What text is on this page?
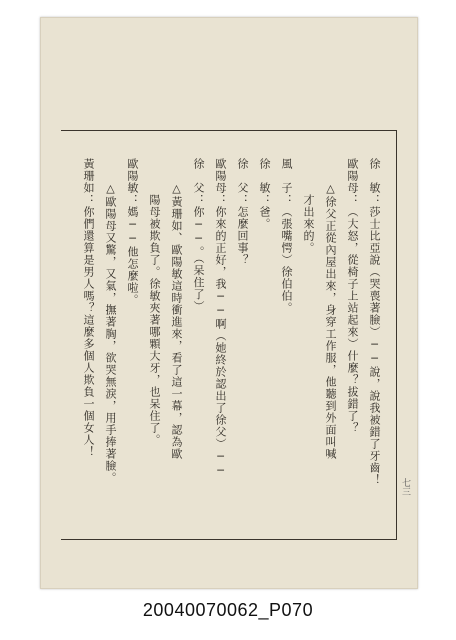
徐　敏：莎士比亞說（哭喪著臉）──說，說我被錯了牙齒！
歐陽母：（大怒，從椅子上站起來）什麼？拔錯了？
　　△徐父正從內屋出來，身穿工作服，他聽到外面叫喊
　　　才出來的。
風　子：（張嘴愕）徐伯伯。
徐　敏：爸。
徐　父：怎麼回事？
歐陽母：你來的正好，我──啊（她終於認出了徐父）──
徐　父：你──。（呆住了）
　　△黃珊如、歐陽敏這時衝進來，看了這一幕，認為歐
　　　陽母被欺負了。徐敏夾著哪顆大牙，也呆住了。
歐陽敏：媽──他怎麼啦。
　　△歐陽母又驚，又氣，撫著胸，欲哭無淚，用手捧著臉。
黃珊如：你們還算是男人嗎？這麼多個人欺負一個女人！
七三
20040070062_P070
